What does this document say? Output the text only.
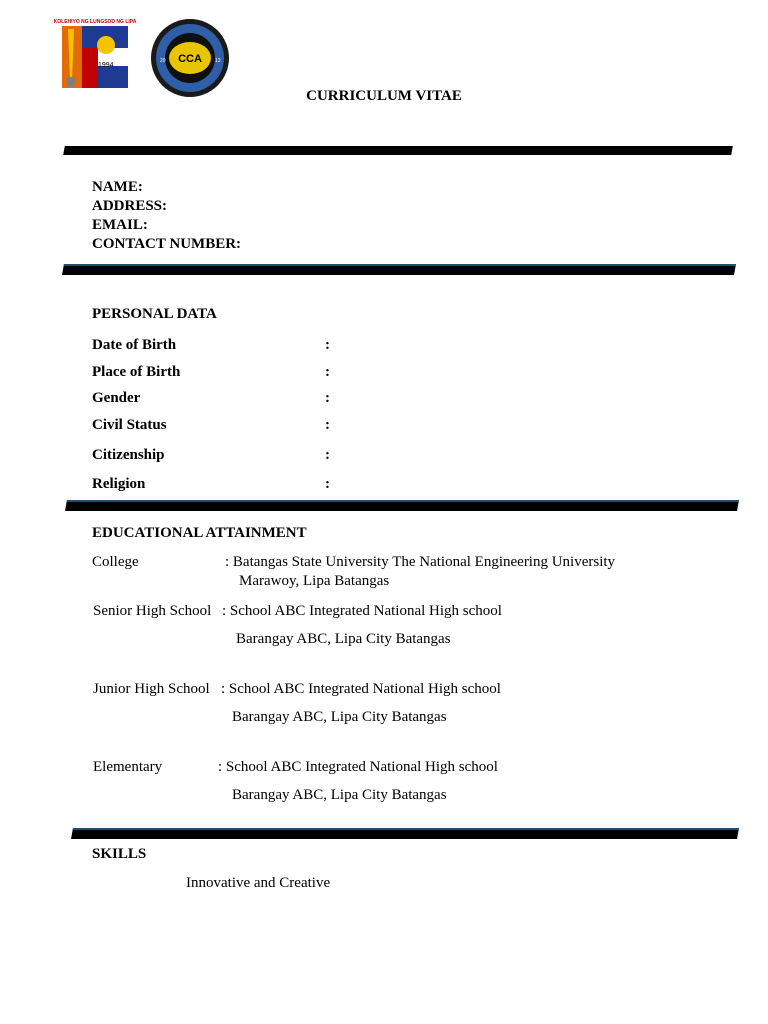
KOLEHIYO NG LUNGSOD NG LIPA
1994
CCA
20	13
CURRICULUM VITAE
NAME:
ADDRESS:
EMAIL:
CONTACT NUMBER:
PERSONAL DATA
Date of Birth	:
Place of Birth	:
Gender	:
Civil Status	:
Citizenship	:
Religion	:
EDUCATIONAL ATTAINMENT
College	: Batangas State University The National Engineering University
Marawoy, Lipa Batangas
Senior High School : School ABC Integrated National High school
Barangay ABC, Lipa City Batangas
Junior High School : School ABC Integrated National High school
Barangay ABC, Lipa City Batangas
Elementary	: School ABC Integrated National High school
Barangay ABC, Lipa City Batangas
SKILLS
Innovative and Creative
